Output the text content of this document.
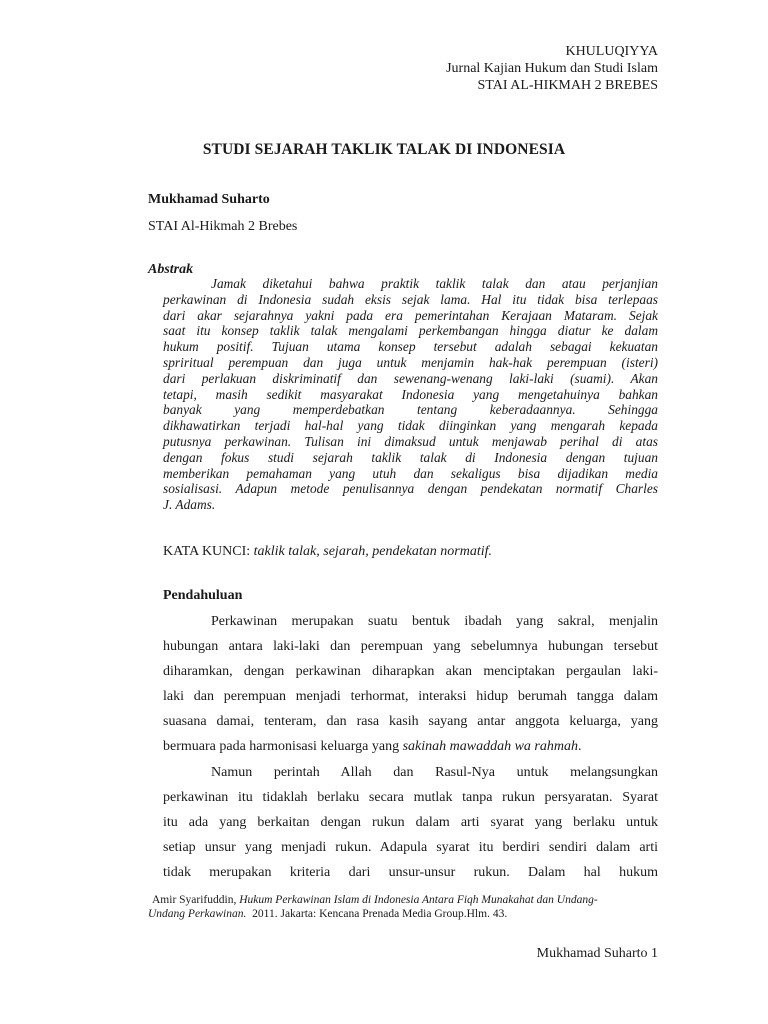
KHULUQIYYA
Jurnal Kajian Hukum dan Studi Islam
STAI AL-HIKMAH 2 BREBES
STUDI SEJARAH TAKLIK TALAK DI INDONESIA
Mukhamad Suharto
STAI Al-Hikmah 2 Brebes
Abstrak
Jamak diketahui bahwa praktik taklik talak dan atau perjanjian
perkawinan di Indonesia sudah eksis sejak lama. Hal itu tidak bisa terlepaas
dari akar sejarahnya yakni pada era pemerintahan Kerajaan Mataram. Sejak
saat itu konsep taklik talak mengalami perkembangan hingga diatur ke dalam
hukum positif. Tujuan utama konsep tersebut adalah sebagai kekuatan
spriritual perempuan dan juga untuk menjamin hak-hak perempuan (isteri)
dari perlakuan diskriminatif dan sewenang-wenang laki-laki (suami). Akan
tetapi, masih sedikit masyarakat Indonesia yang mengetahuinya bahkan
banyak yang memperdebatkan tentang keberadaannya. Sehingga
dikhawatirkan terjadi hal-hal yang tidak diinginkan yang mengarah kepada
putusnya perkawinan. Tulisan ini dimaksud untuk menjawab perihal di atas
dengan fokus studi sejarah taklik talak di Indonesia dengan tujuan
memberikan pemahaman yang utuh dan sekaligus bisa dijadikan media
sosialisasi. Adapun metode penulisannya dengan pendekatan normatif Charles
J. Adams.
KATA KUNCI: taklik talak, sejarah, pendekatan normatif.
Pendahuluan
Perkawinan merupakan suatu bentuk ibadah yang sakral, menjalin
hubungan antara laki-laki dan perempuan yang sebelumnya hubungan tersebut
diharamkan, dengan perkawinan diharapkan akan menciptakan pergaulan laki-
laki dan perempuan menjadi terhormat, interaksi hidup berumah tangga dalam
suasana damai, tenteram, dan rasa kasih sayang antar anggota keluarga, yang
bermuara pada harmonisasi keluarga yang sakinah mawaddah wa rahmah.
Namun perintah Allah dan Rasul-Nya untuk melangsungkan
perkawinan itu tidaklah berlaku secara mutlak tanpa rukun persyaratan. Syarat
itu ada yang berkaitan dengan rukun dalam arti syarat yang berlaku untuk
setiap unsur yang menjadi rukun. Adapula syarat itu berdiri sendiri dalam arti
tidak merupakan kriteria dari unsur-unsur rukun. Dalam hal hukum
Amir Syarifuddin, Hukum Perkawinan Islam di Indonesia Antara Fiqh Munakahat dan Undang-
Undang Perkawinan.  2011. Jakarta: Kencana Prenada Media Group.Hlm. 43.
Mukhamad Suharto 1
